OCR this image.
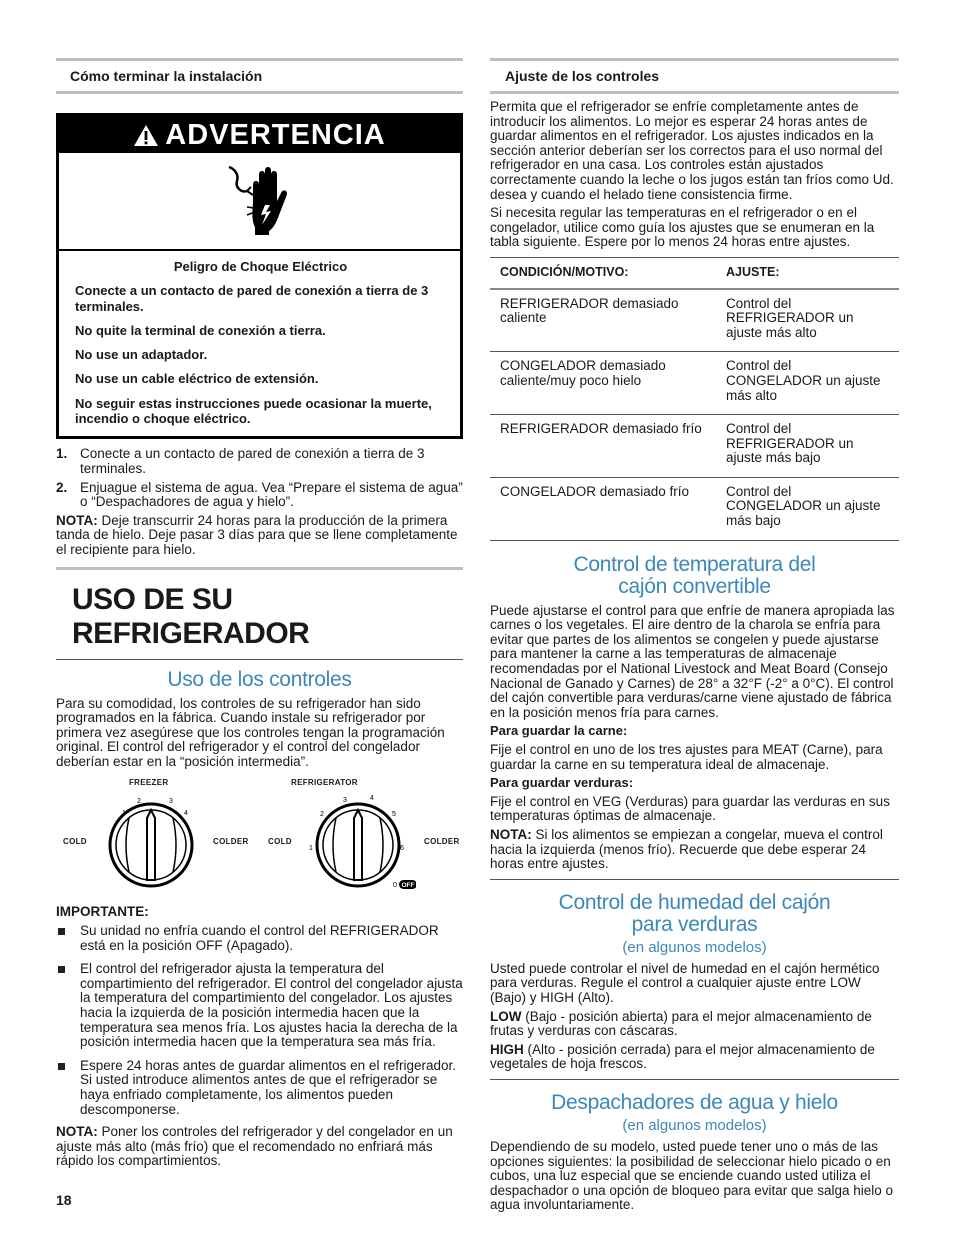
Cómo terminar la instalación
ADVERTENCIA
Peligro de Choque Eléctrico
Conecte a un contacto de pared de conexión a tierra de 3 terminales.
No quite la terminal de conexión a tierra.
No use un adaptador.
No use un cable eléctrico de extensión.
No seguir estas instrucciones puede ocasionar la muerte, incendio o choque eléctrico.
1. Conecte a un contacto de pared de conexión a tierra de 3 terminales.
2. Enjuague el sistema de agua. Vea “Prepare el sistema de agua” o “Despachadores de agua y hielo”.

NOTA: Deje transcurrir 24 horas para la producción de la primera tanda de hielo. Deje pasar 3 días para que se llene completamente el recipiente para hielo.

USO DE SU REFRIGERADOR
Uso de los controles

Para su comodidad, los controles de su refrigerador han sido programados en la fábrica. Cuando instale su refrigerador por primera vez asegúrese que los controles tengan la programación original. El control del refrigerador y el control del congelador deberían estar en la “posición intermedia”.

FREEZER	REFRIGERATOR
COLD	COLDER COLD	COLDER
1
2	3
4
1
2
3	4
5
6
0 OFF

IMPORTANTE:

Su unidad no enfría cuando el control del REFRIGERADOR está en la posición OFF (Apagado).
El control del refrigerador ajusta la temperatura del compartimiento del refrigerador. El control del congelador ajusta la temperatura del compartimiento del congelador. Los ajustes hacia la izquierda de la posición intermedia hacen que la temperatura sea menos fría. Los ajustes hacia la derecha de la posición intermedia hacen que la temperatura sea más fría.
Espere 24 horas antes de guardar alimentos en el refrigerador. Si usted introduce alimentos antes de que el refrigerador se haya enfriado completamente, los alimentos pueden descomponerse.

NOTA: Poner los controles del refrigerador y del congelador en un ajuste más alto (más frío) que el recomendado no enfriará más rápido los compartimientos.

Ajuste de los controles

Permita que el refrigerador se enfríe completamente antes de introducir los alimentos. Lo mejor es esperar 24 horas antes de guardar alimentos en el refrigerador. Los ajustes indicados en la sección anterior deberían ser los correctos para el uso normal del refrigerador en una casa. Los controles están ajustados correctamente cuando la leche o los jugos están tan fríos como Ud. desea y cuando el helado tiene consistencia firme.

Si necesita regular las temperaturas en el refrigerador o en el congelador, utilice como guía los ajustes que se enumeran en la tabla siguiente. Espere por lo menos 24 horas entre ajustes.

CONDICIÓN/MOTIVO:	AJUSTE:
REFRIGERADOR demasiado caliente	Control del REFRIGERADOR un ajuste más alto
CONGELADOR demasiado caliente/muy poco hielo	Control del CONGELADOR un ajuste más alto
REFRIGERADOR demasiado frío	Control del REFRIGERADOR un ajuste más bajo
CONGELADOR demasiado frío	Control del CONGELADOR un ajuste más bajo
Control de temperatura del
cajón convertible

Puede ajustarse el control para que enfríe de manera apropiada las carnes o los vegetales. El aire dentro de la charola se enfría para evitar que partes de los alimentos se congelen y puede ajustarse para mantener la carne a las temperaturas de almacenaje recomendadas por el National Livestock and Meat Board (Consejo Nacional de Ganado y Carnes) de 28° a 32°F (-2° a 0°C). El control del cajón convertible para verduras/carne viene ajustado de fábrica en la posición menos fría para carnes.

Para guardar la carne:

Fije el control en uno de los tres ajustes para MEAT (Carne), para guardar la carne en su temperatura ideal de almacenaje.

Para guardar verduras:

Fije el control en VEG (Verduras) para guardar las verduras en sus temperaturas óptimas de almacenaje.

NOTA: Si los alimentos se empiezan a congelar, mueva el control hacia la izquierda (menos frío). Recuerde que debe esperar 24 horas entre ajustes.

Control de humedad del cajón
para verduras
(en algunos modelos)

Usted puede controlar el nivel de humedad en el cajón hermético para verduras. Regule el control a cualquier ajuste entre LOW (Bajo) y HIGH (Alto).

LOW (Bajo - posición abierta) para el mejor almacenamiento de frutas y verduras con cáscaras.

HIGH (Alto - posición cerrada) para el mejor almacenamiento de vegetales de hoja frescos.

Despachadores de agua y hielo
(en algunos modelos)

Dependiendo de su modelo, usted puede tener uno o más de las opciones siguientes: la posibilidad de seleccionar hielo picado o en cubos, una luz especial que se enciende cuando usted utiliza el despachador o una opción de bloqueo para evitar que salga hielo o agua involuntariamente.

18
